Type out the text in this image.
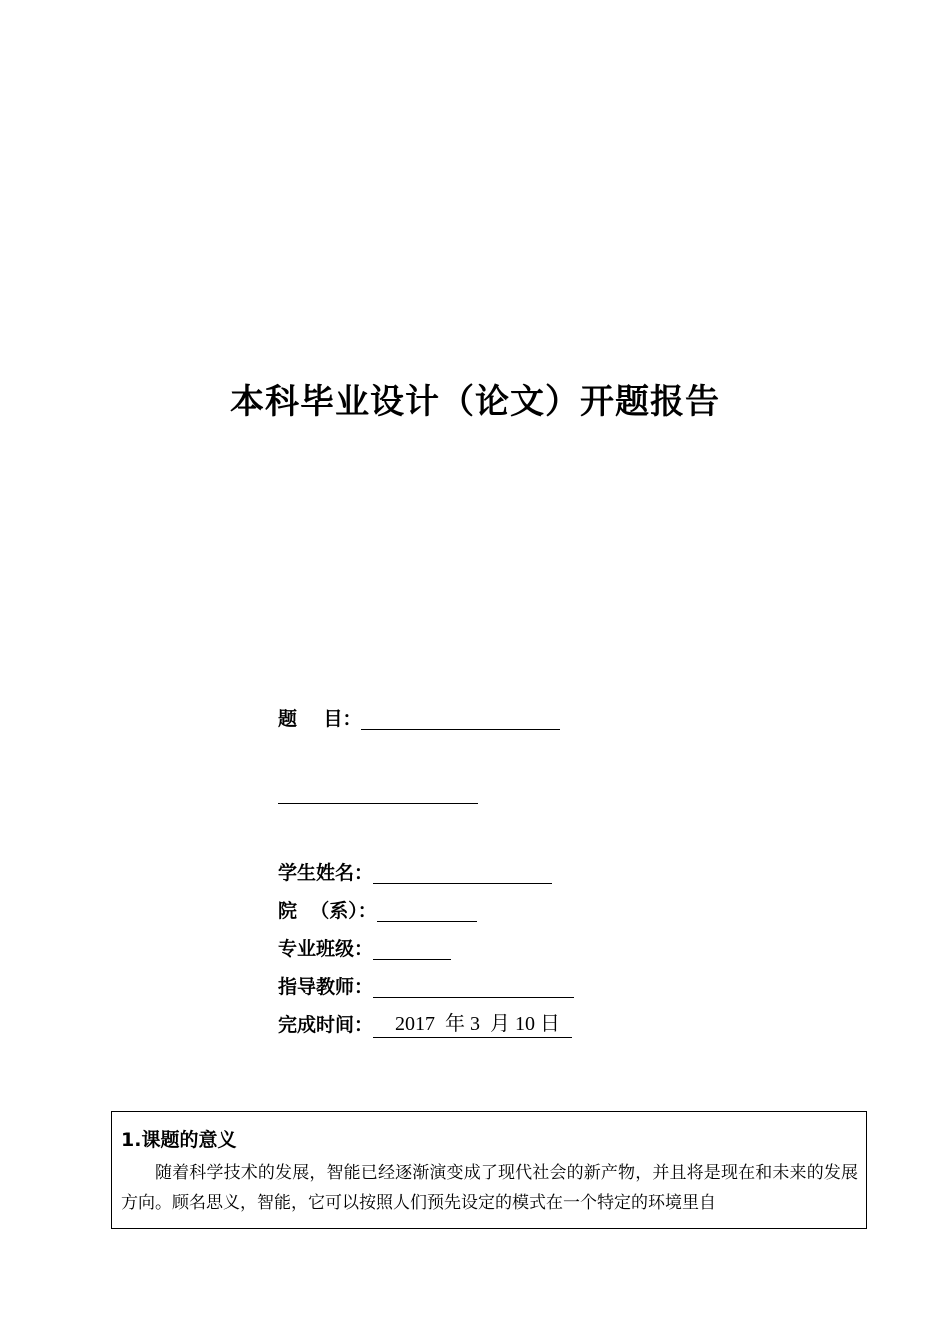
本科毕业设计（论文）开题报告
题    目：
学生姓名：
院  （系）：
专业班级：
指导教师：
完成时间：	2017  年 3  月 10 日
1.课题的意义

随着科学技术的发展，智能已经逐渐演变成了现代社会的新产物，并且将是现在和未来的发展方向。顾名思义，智能，它可以按照人们预先设定的模式在一个特定的环境里自
